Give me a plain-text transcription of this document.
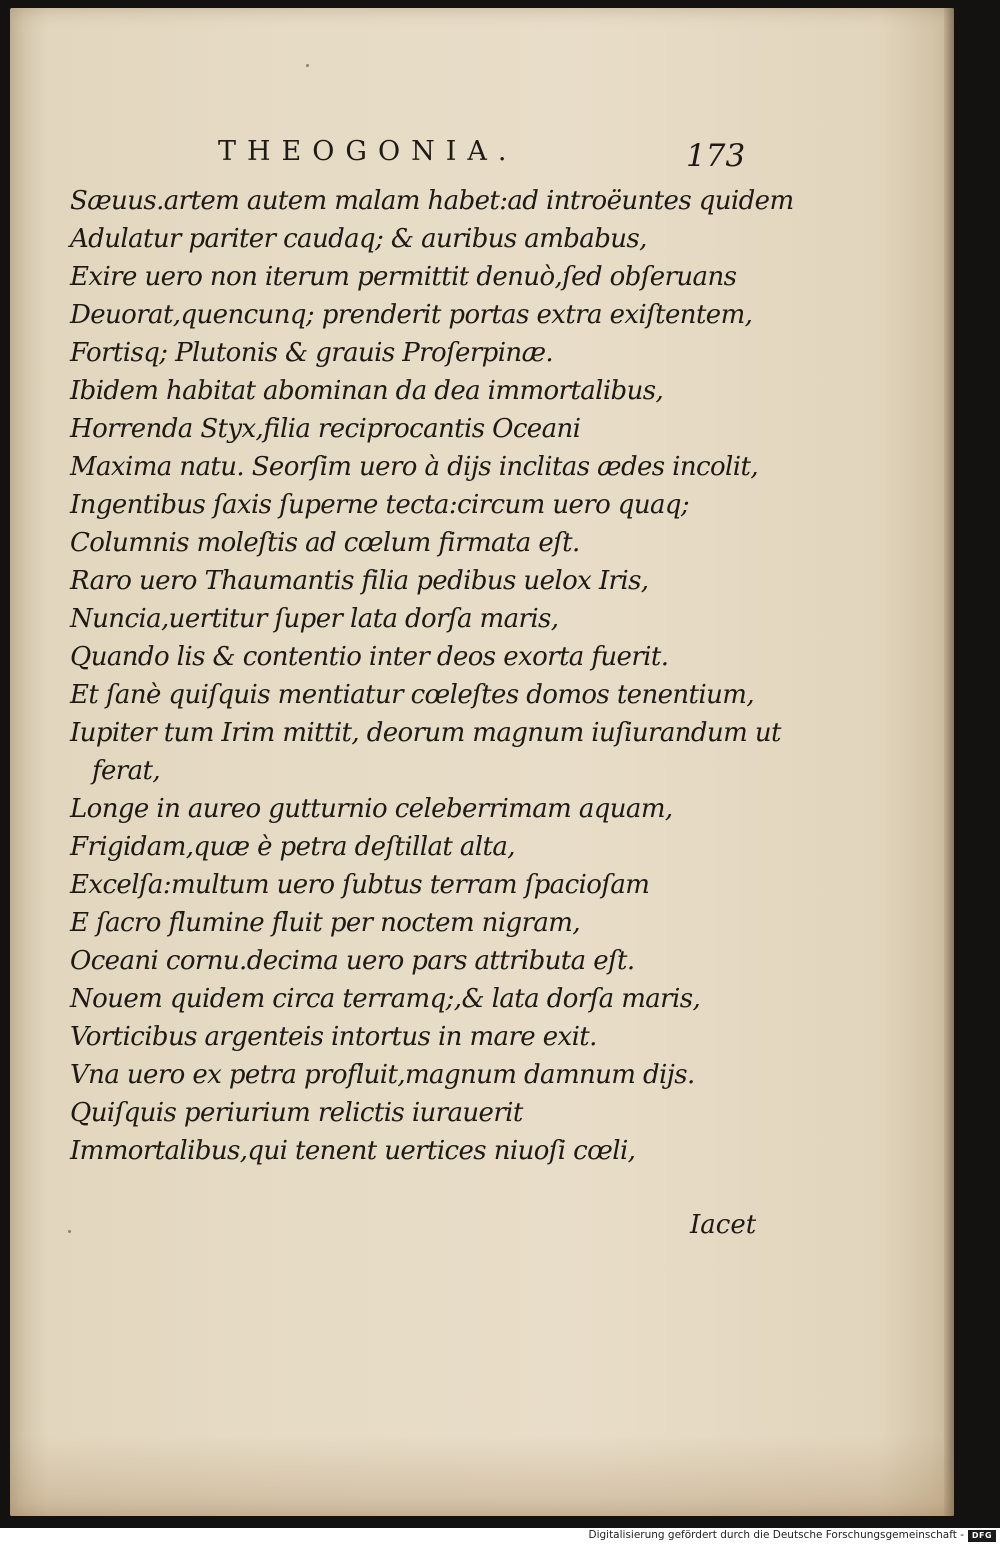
THEOGONIA.	173
Sæuus.artem autem malam habet:ad introëuntes quidem
Adulatur pariter caudaq; & auribus ambabus,
Exire uero non iterum permittit denuò,ſed obſeruans
Deuorat,quencunq; prenderit portas extra exiſtentem,
Fortisq; Plutonis & grauis Proſerpinæ.
Ibidem habitat abominan da dea immortalibus,
Horrenda Styx,filia reciprocantis Oceani
Maxima natu. Seorſim uero à dijs inclitas ædes incolit,
Ingentibus ſaxis ſuperne tecta:circum uero quaq;
Columnis moleſtis ad cœlum firmata eſt.
Raro uero Thaumantis filia pedibus uelox Iris,
Nuncia,uertitur ſuper lata dorſa maris,
Quando lis & contentio inter deos exorta fuerit.
Et ſanè quiſquis mentiatur cœleſtes domos tenentium,
Iupiter tum Irim mittit, deorum magnum iuſiurandum ut
ferat,
Longe in aureo gutturnio celeberrimam aquam,
Frigidam,quæ è petra deſtillat alta,
Excelſa:multum uero ſubtus terram ſpacioſam
E ſacro flumine fluit per noctem nigram,
Oceani cornu.decima uero pars attributa eſt.
Nouem quidem circa terramq;,& lata dorſa maris,
Vorticibus argenteis intortus in mare exit.
Vna uero ex petra profluit,magnum damnum dijs.
Quiſquis periurium relictis iurauerit
Immortalibus,qui tenent uertices niuoſi cœli,
Iacet
Digitalisierung gefördert durch die Deutsche Forschungsgemeinschaft - DFG
